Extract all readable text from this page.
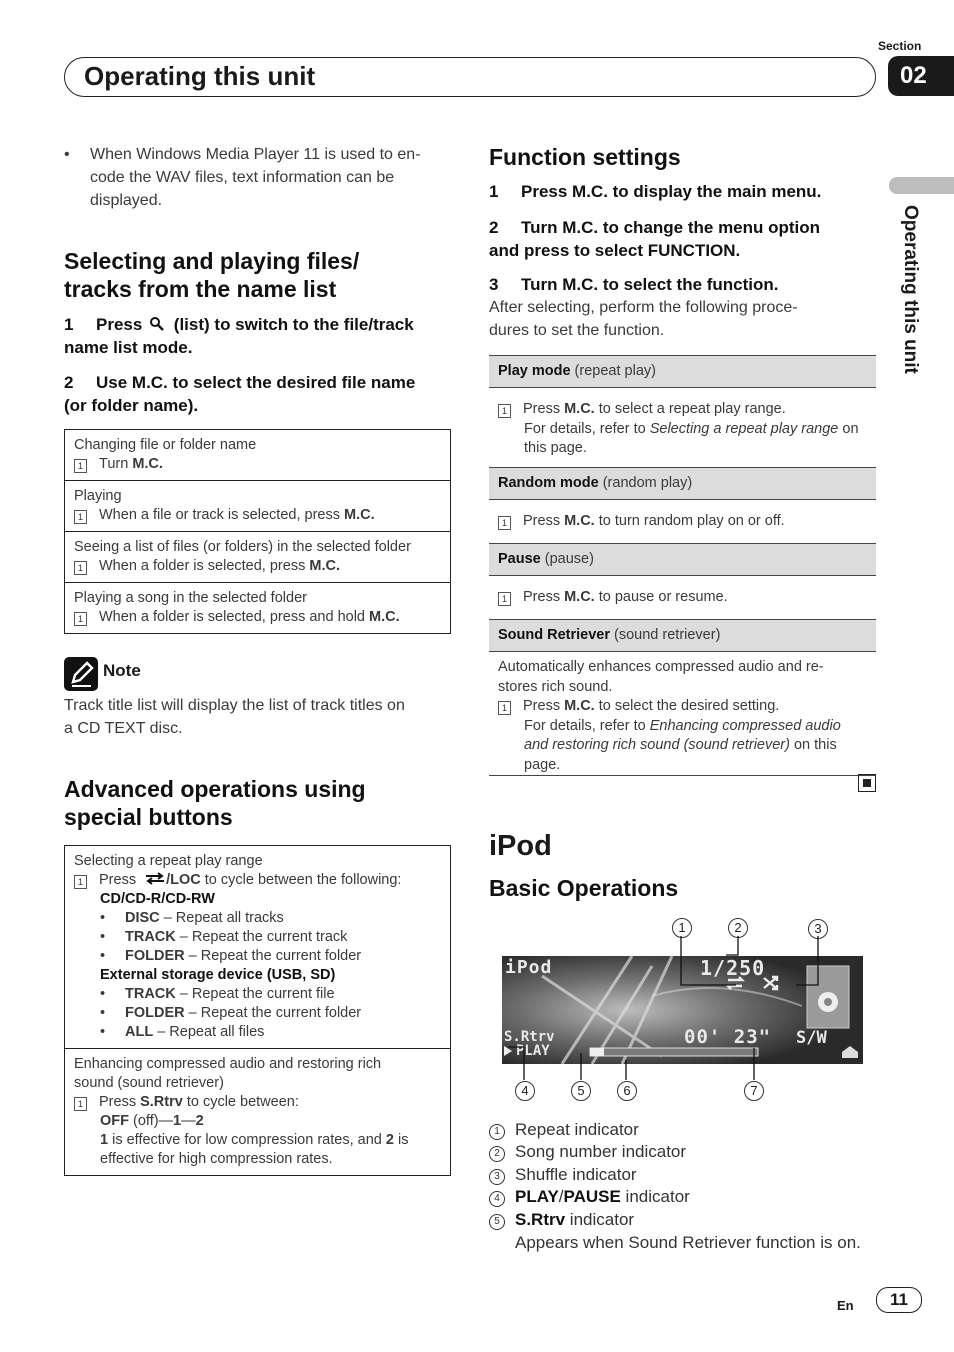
Section
02
Operating this unit
Operating this unit
• When Windows Media Player 11 is used to en-
code the WAV files, text information can be
displayed.
Selecting and playing files/
tracks from the name list
1 Press (list) to switch to the file/track
name list mode.
2 Use M.C. to select the desired file name
(or folder name).
Changing file or folder name
1 Turn M.C.

Playing
1 When a file or track is selected, press M.C.

Seeing a list of files (or folders) in the selected folder
1 When a folder is selected, press M.C.

Playing a song in the selected folder
1 When a folder is selected, press and hold M.C.
Note
Track title list will display the list of track titles on
a CD TEXT disc.
Advanced operations using
special buttons
Selecting a repeat play range
1 Press /LOC to cycle between the following:
CD/CD-R/CD-RW
• DISC – Repeat all tracks
• TRACK – Repeat the current track
• FOLDER – Repeat the current folder
External storage device (USB, SD)
• TRACK – Repeat the current file
• FOLDER – Repeat the current folder
• ALL – Repeat all files

Enhancing compressed audio and restoring rich
sound (sound retriever)
1 Press S.Rtrv to cycle between:
OFF (off)—1—2
1 is effective for low compression rates, and 2 is
effective for high compression rates.
Function settings
1 Press M.C. to display the main menu.
2 Turn M.C. to change the menu option
and press to select FUNCTION.
3 Turn M.C. to select the function.
After selecting, perform the following proce-
dures to set the function.
Play mode (repeat play)
1 Press M.C. to select a repeat play range.
For details, refer to Selecting a repeat play range on
this page.
Random mode (random play)
1 Press M.C. to turn random play on or off.
Pause (pause)
1 Press M.C. to pause or resume.
Sound Retriever (sound retriever)
Automatically enhances compressed audio and re-
stores rich sound.
1 Press M.C. to select the desired setting.
For details, refer to Enhancing compressed audio
and restoring rich sound (sound retriever) on this
page.
iPod
Basic Operations
1	2	3
iPod	1/250
S.Rtrv
PLAY
00' 23" S/W
4	5	6	7
1 Repeat indicator
2 Song number indicator
3 Shuffle indicator
4 PLAY/PAUSE indicator
5 S.Rtrv indicator
Appears when Sound Retriever function is on.
En	11
